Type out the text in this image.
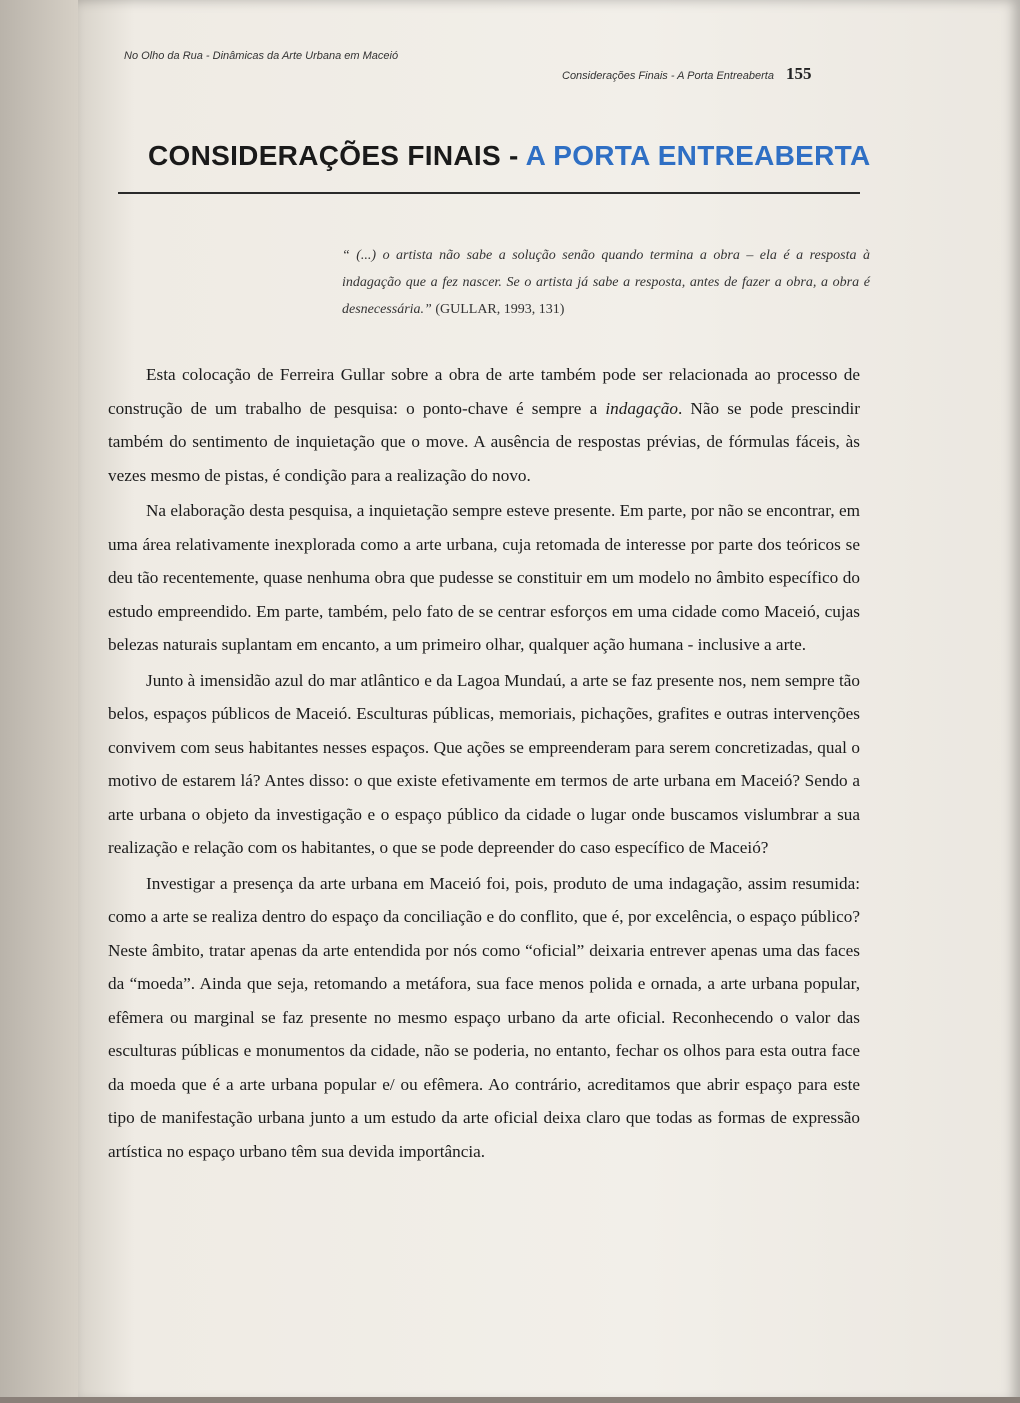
No Olho da Rua - Dinâmicas da Arte Urbana em Maceió
Considerações Finais - A Porta Entreaberta 155
CONSIDERAÇÕES FINAIS - A PORTA ENTREABERTA
“ (...) o artista não sabe a solução senão quando termina a obra – ela é a resposta à indagação que a fez nascer. Se o artista já sabe a resposta, antes de fazer a obra, a obra é desnecessária.” (GULLAR, 1993, 131)

Esta colocação de Ferreira Gullar sobre a obra de arte também pode ser relacionada ao processo de construção de um trabalho de pesquisa: o ponto-chave é sempre a indagação. Não se pode prescindir também do sentimento de inquietação que o move. A ausência de respostas prévias, de fórmulas fáceis, às vezes mesmo de pistas, é condição para a realização do novo.

Na elaboração desta pesquisa, a inquietação sempre esteve presente. Em parte, por não se encontrar, em uma área relativamente inexplorada como a arte urbana, cuja retomada de interesse por parte dos teóricos se deu tão recentemente, quase nenhuma obra que pudesse se constituir em um modelo no âmbito específico do estudo empreendido. Em parte, também, pelo fato de se centrar esforços em uma cidade como Maceió, cujas belezas naturais suplantam em encanto, a um primeiro olhar, qualquer ação humana - inclusive a arte.

Junto à imensidão azul do mar atlântico e da Lagoa Mundaú, a arte se faz presente nos, nem sempre tão belos, espaços públicos de Maceió. Esculturas públicas, memoriais, pichações, grafites e outras intervenções convivem com seus habitantes nesses espaços. Que ações se empreenderam para serem concretizadas, qual o motivo de estarem lá? Antes disso: o que existe efetivamente em termos de arte urbana em Maceió? Sendo a arte urbana o objeto da investigação e o espaço público da cidade o lugar onde buscamos vislumbrar a sua realização e relação com os habitantes, o que se pode depreender do caso específico de Maceió?

Investigar a presença da arte urbana em Maceió foi, pois, produto de uma indagação, assim resumida: como a arte se realiza dentro do espaço da conciliação e do conflito, que é, por excelência, o espaço público? Neste âmbito, tratar apenas da arte entendida por nós como “oficial” deixaria entrever apenas uma das faces da “moeda”. Ainda que seja, retomando a metáfora, sua face menos polida e ornada, a arte urbana popular, efêmera ou marginal se faz presente no mesmo espaço urbano da arte oficial. Reconhecendo o valor das esculturas públicas e monumentos da cidade, não se poderia, no entanto, fechar os olhos para esta outra face da moeda que é a arte urbana popular e/ ou efêmera. Ao contrário, acreditamos que abrir espaço para este tipo de manifestação urbana junto a um estudo da arte oficial deixa claro que todas as formas de expressão artística no espaço urbano têm sua devida importância.
